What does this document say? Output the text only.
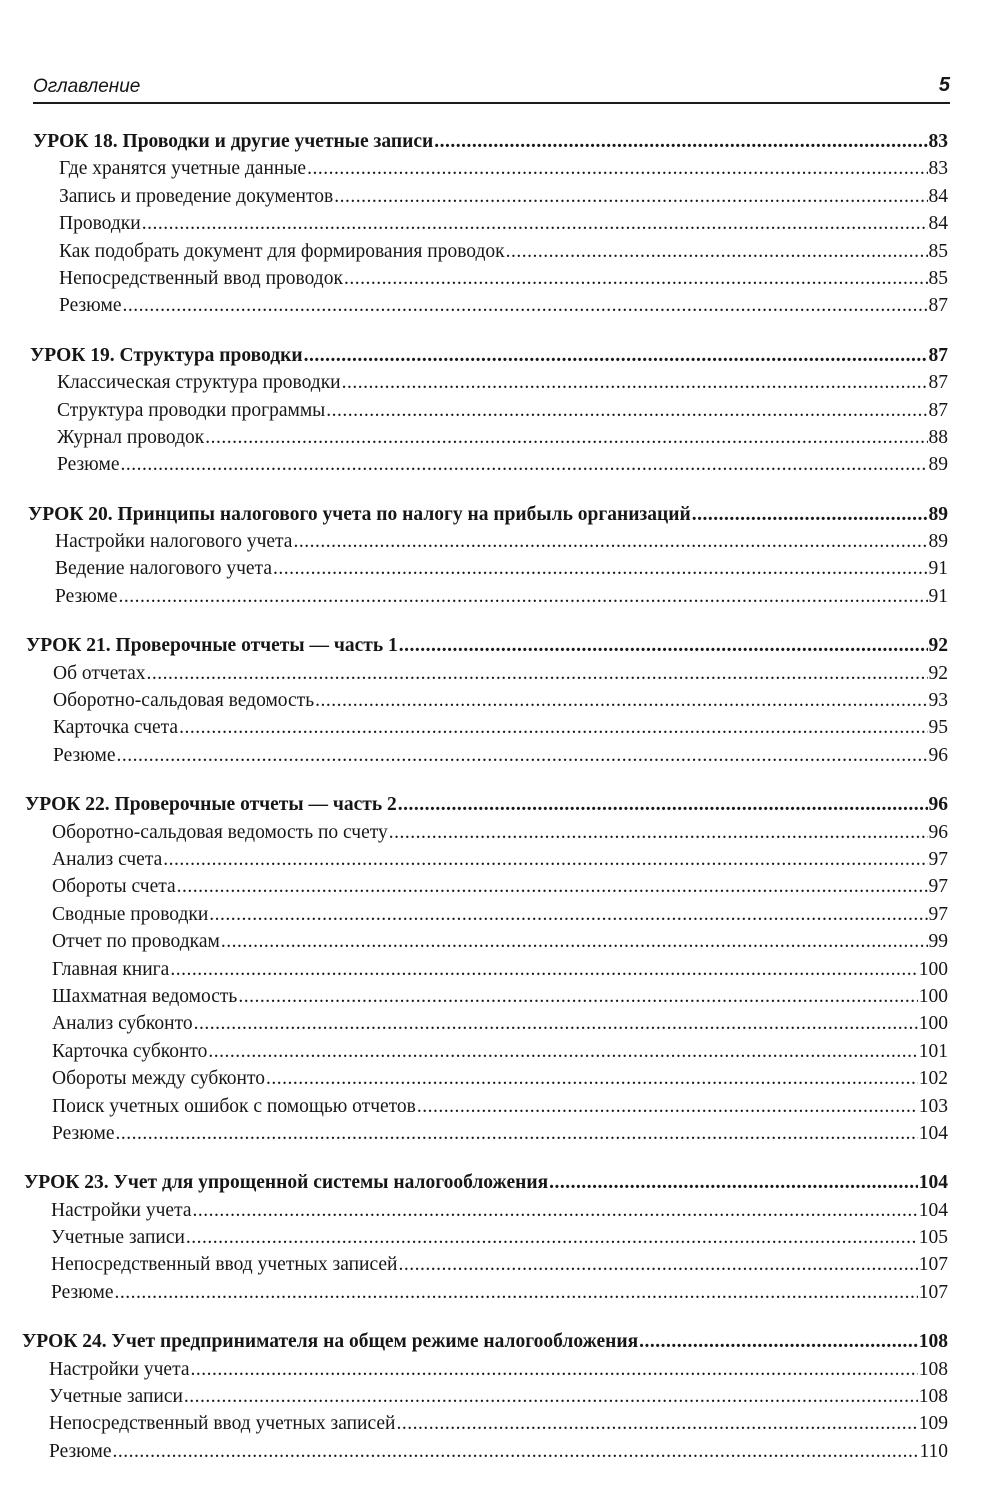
Оглавление	5
УРОК 18. Проводки и другие учетные записи .....	83
Где хранятся учетные данные .....	83
Запись и проведение документов .....	84
Проводки .....	84
Как подобрать документ для формирования проводок .....	85
Непосредственный ввод проводок .....	85
Резюме .....	87
УРОК 19. Структура проводки .....	87
Классическая структура проводки .....	87
Структура проводки программы .....	87
Журнал проводок .....	88
Резюме .....	89
УРОК 20. Принципы налогового учета по налогу на прибыль организаций .....	89
Настройки налогового учета .....	89
Ведение налогового учета .....	91
Резюме .....	91
УРОК 21. Проверочные отчеты — часть 1 .....	92
Об отчетах .....	92
Оборотно-сальдовая ведомость .....	93
Карточка счета .....	95
Резюме .....	96
УРОК 22. Проверочные отчеты — часть 2 .....	96
Оборотно-сальдовая ведомость по счету .....	96
Анализ счета .....	97
Обороты счета .....	97
Сводные проводки .....	97
Отчет по проводкам .....	99
Главная книга .....	100
Шахматная ведомость .....	100
Анализ субконто .....	100
Карточка субконто .....	101
Обороты между субконто .....	102
Поиск учетных ошибок с помощью отчетов .....	103
Резюме .....	104
УРОК 23. Учет для упрощенной системы налогообложения .....	104
Настройки учета .....	104
Учетные записи .....	105
Непосредственный ввод учетных записей .....	107
Резюме .....	107
УРОК 24. Учет предпринимателя на общем режиме налогообложения .....	108
Настройки учета .....	108
Учетные записи .....	108
Непосредственный ввод учетных записей .....	109
Резюме .....	110
